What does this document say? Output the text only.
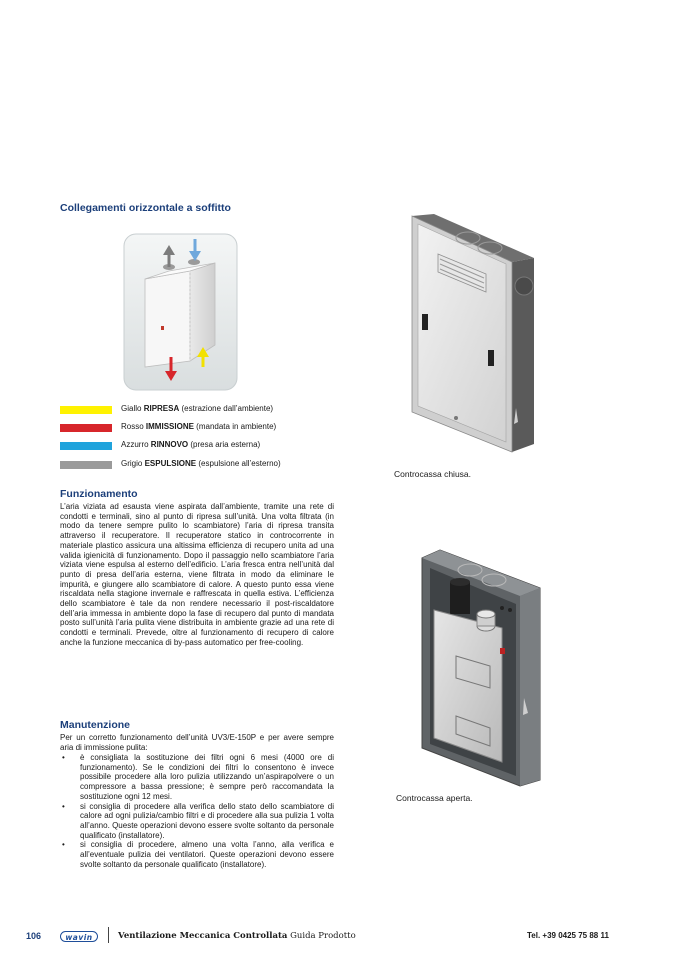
Collegamenti orizzontale a soffitto
Giallo RIPRESA (estrazione dall’ambiente)
Rosso IMMISSIONE (mandata in ambiente)
Azzurro RINNOVO (presa aria esterna)
Grigio ESPULSIONE (espulsione all’esterno)
Funzionamento

L’aria viziata ad esausta viene aspirata dall’ambiente, tramite una rete di condotti e terminali, sino al punto di ripresa sull’unità. Una volta filtrata (in modo da tenere sempre pulito lo scambiatore) l’aria di ripresa transita attraverso il recuperatore. Il recuperatore statico in controcorrente in materiale plastico assicura una altissima efficienza di recupero unita ad una valida igienicità di funzionamento. Dopo il passaggio nello scambiatore l’aria viziata viene espulsa al esterno dell’edificio. L’aria fresca entra nell’unità dal punto di presa dell’aria esterna, viene filtrata in modo da eliminare le impurità, e giungere allo scambiatore di calore. A questo punto essa viene riscaldata nella stagione invernale e raffrescata in quella estiva. L’efficienza dello scambiatore è tale da non rendere necessario il post-riscaldatore dell’aria immessa in ambiente dopo la fase di recupero dal punto di mandata posto sull’unità l’aria pulita viene distribuita in ambiente grazie ad una rete di condotti e terminali. Prevede, oltre al funzionamento di recupero di calore anche la funzione meccanica di by-pass automatico per free-cooling.

Manutenzione

Per un corretto funzionamento dell’unità UV3/E-150P e per avere sempre aria di immissione pulita:

• è consigliata la sostituzione dei filtri ogni 6 mesi (4000 ore di funzionamento). Se le condizioni dei filtri lo consentono è invece possibile procedere alla loro pulizia utilizzando un’aspirapolvere o un compressore a bassa pressione; è sempre però raccomandata la sostituzione ogni 12 mesi.
• si consiglia di procedere alla verifica dello stato dello scambiatore di calore ad ogni pulizia/cambio filtri e di procedere alla sua pulizia 1 volta all’anno. Queste operazioni devono essere svolte soltanto da personale qualificato (installatore).
• si consiglia di procedere, almeno una volta l’anno, alla verifica e all’eventuale pulizia dei ventilatori. Queste operazioni devono essere svolte soltanto da personale qualificato (installatore).
Controcassa chiusa.
Controcassa aperta.
106	wavin	Ventilazione Meccanica Controllata Guida Prodotto	Tel. +39 0425 75 88 11
